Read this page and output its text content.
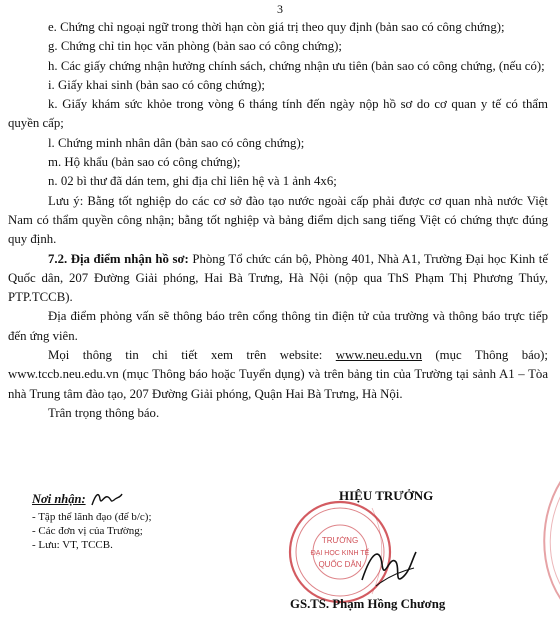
3

e. Chứng chỉ ngoại ngữ trong thời hạn còn giá trị theo quy định (bản sao có công chứng);

g. Chứng chỉ tin học văn phòng (bản sao có công chứng);

h. Các giấy chứng nhận hưởng chính sách, chứng nhận ưu tiên (bản sao có công chứng, (nếu có);

i. Giấy khai sinh (bản sao có công chứng);

k. Giấy khám sức khỏe trong vòng 6 tháng tính đến ngày nộp hồ sơ do cơ quan y tế có thẩm quyền cấp;

l. Chứng minh nhân dân (bản sao có công chứng);

m. Hộ khẩu (bản sao có công chứng);

n. 02 bì thư đã dán tem, ghi địa chỉ liên hệ và 1 ảnh 4x6;

Lưu ý: Bằng tốt nghiệp do các cơ sở đào tạo nước ngoài cấp phải được cơ quan nhà nước Việt Nam có thẩm quyền công nhận; bằng tốt nghiệp và bảng điểm dịch sang tiếng Việt có chứng thực đúng quy định.

7.2. Địa điểm nhận hồ sơ: Phòng Tổ chức cán bộ, Phòng 401, Nhà A1, Trường Đại học Kinh tế Quốc dân, 207 Đường Giải phóng, Hai Bà Trưng, Hà Nội (nộp qua ThS Phạm Thị Phương Thúy, PTP.TCCB).

Địa điểm phỏng vấn sẽ thông báo trên cổng thông tin điện tử của trường và thông báo trực tiếp đến ứng viên.

Mọi thông tin chi tiết xem trên website: www.neu.edu.vn (mục Thông báo); www.tccb.neu.edu.vn (mục Thông báo hoặc Tuyển dụng) và trên bảng tin của Trường tại sảnh A1 – Tòa nhà Trung tâm đào tạo, 207 Đường Giải phóng, Quận Hai Bà Trưng, Hà Nội.

Trân trọng thông báo.

Nơi nhận:
- Tập thể lãnh đạo (để b/c);
- Các đơn vị của Trường;
- Lưu: VT, TCCB.	TRƯỜNG
ĐẠI HỌC KINH TẾ
QUỐC DÂN
HIỆU TRƯỞNG
GS.TS. Phạm Hồng Chương
